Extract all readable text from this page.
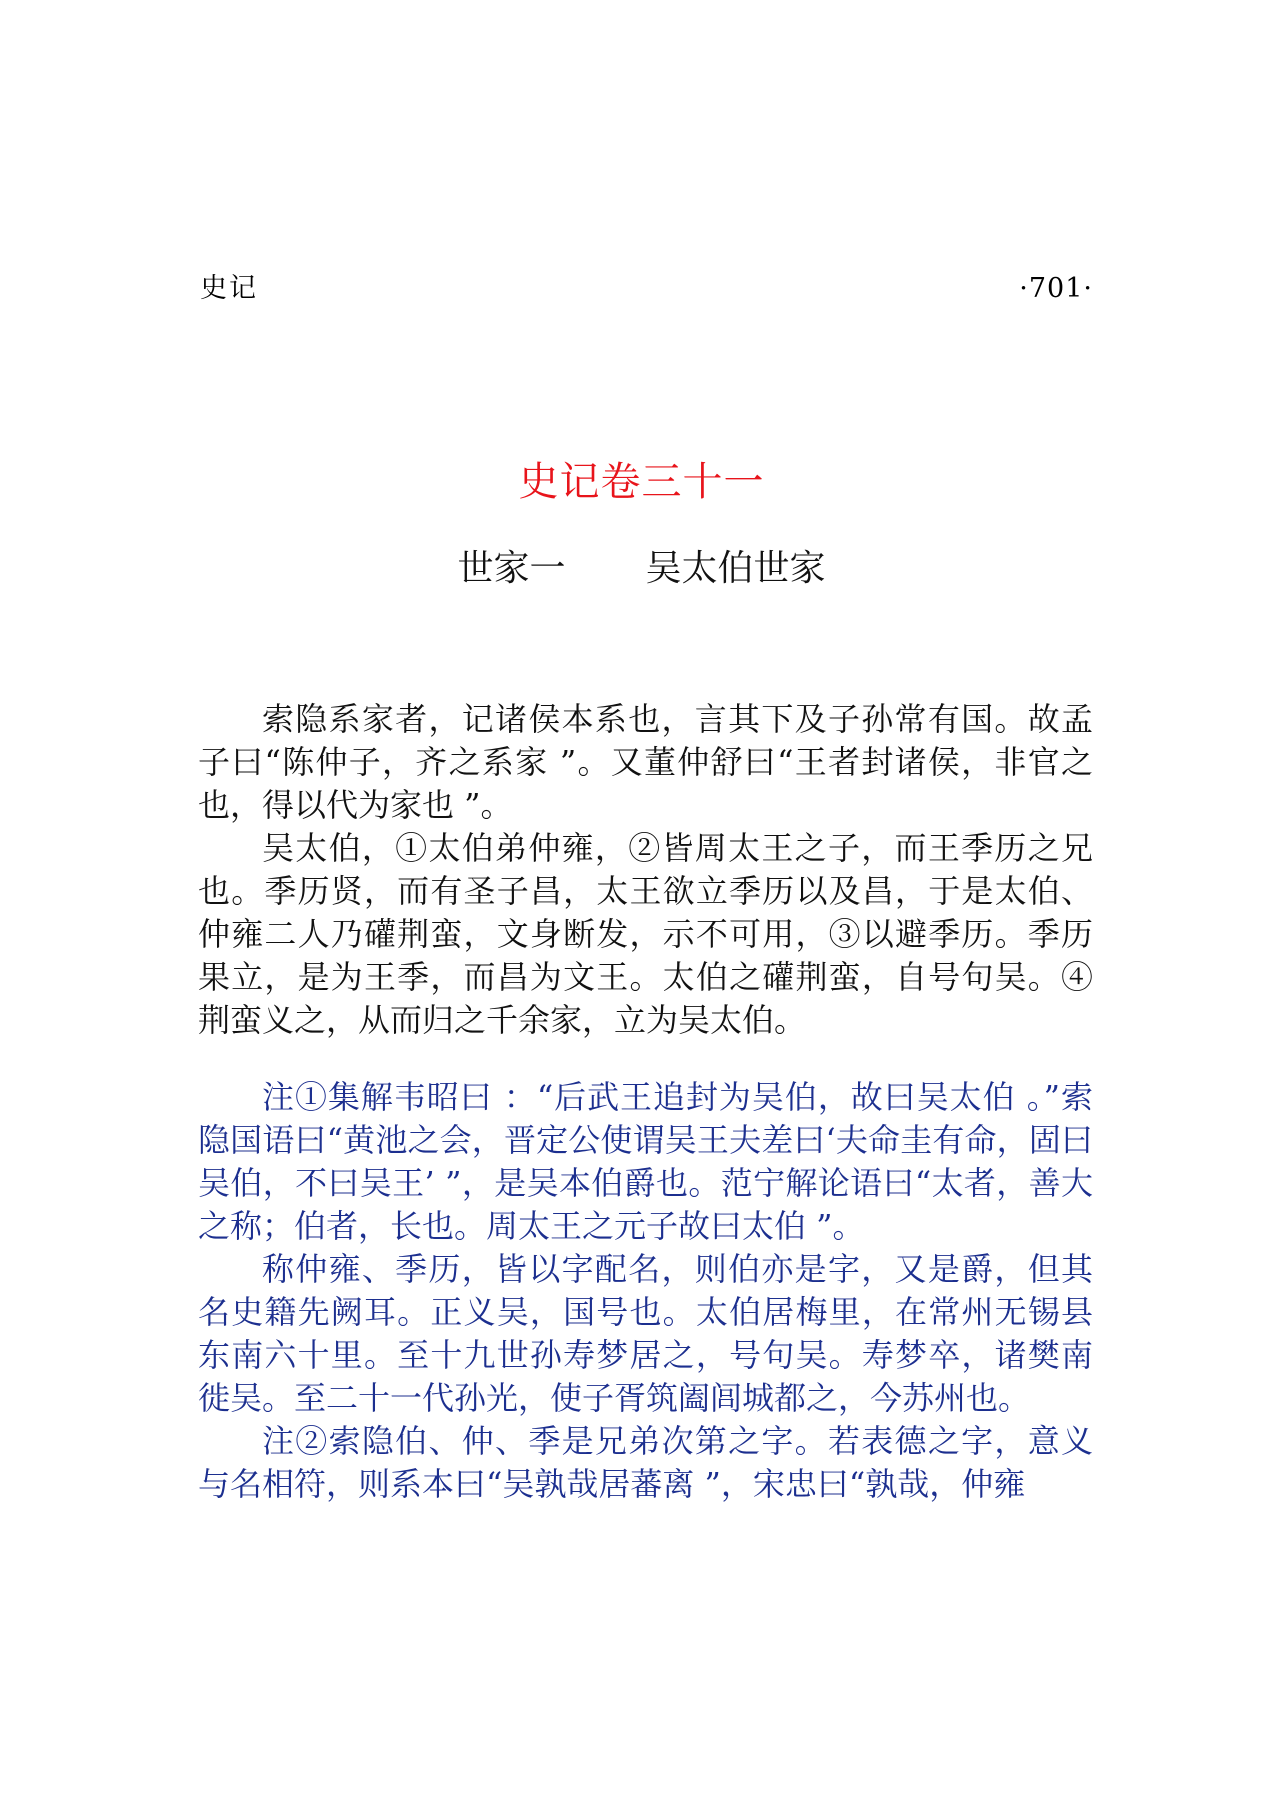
史记	·701·
史记卷三十一
世家一 吴太伯世家

索隐系家者，记诸侯本系也，言其下及子孙常有国。故孟子曰“陈仲子，齐之系家 ”。又董仲舒曰“王者封诸侯，非官之也，得以代为家也 ”。

吴太伯，①太伯弟仲雍，②皆周太王之子，而王季历之兄也。季历贤，而有圣子昌，太王欲立季历以及昌，于是太伯、仲雍二人乃礶荆蛮，文身断发，示不可用，③以避季历。季历果立，是为王季，而昌为文王。太伯之礶荆蛮，自号句吴。④荆蛮义之，从而归之千余家，立为吴太伯。

注①集解韦昭曰 ：“后武王追封为吴伯，故曰吴太伯 。”索隐国语曰“黄池之会，晋定公使谓吴王夫差曰‘夫命圭有命，固曰吴伯，不曰吴王’ ”，是吴本伯爵也。范宁解论语曰“太者，善大之称；伯者，长也。周太王之元子故曰太伯 ”。

称仲雍、季历，皆以字配名，则伯亦是字，又是爵，但其名史籍先阙耳。正义吴，国号也。太伯居梅里，在常州无锡县东南六十里。至十九世孙寿梦居之，号句吴。寿梦卒，诸樊南徙吴。至二十一代孙光，使子胥筑阖闾城都之，今苏州也。

注②索隐伯、仲、季是兄弟次第之字。若表德之字，意义与名相符，则系本曰“吴孰哉居蕃离 ”，宋忠曰“孰哉，仲雍
